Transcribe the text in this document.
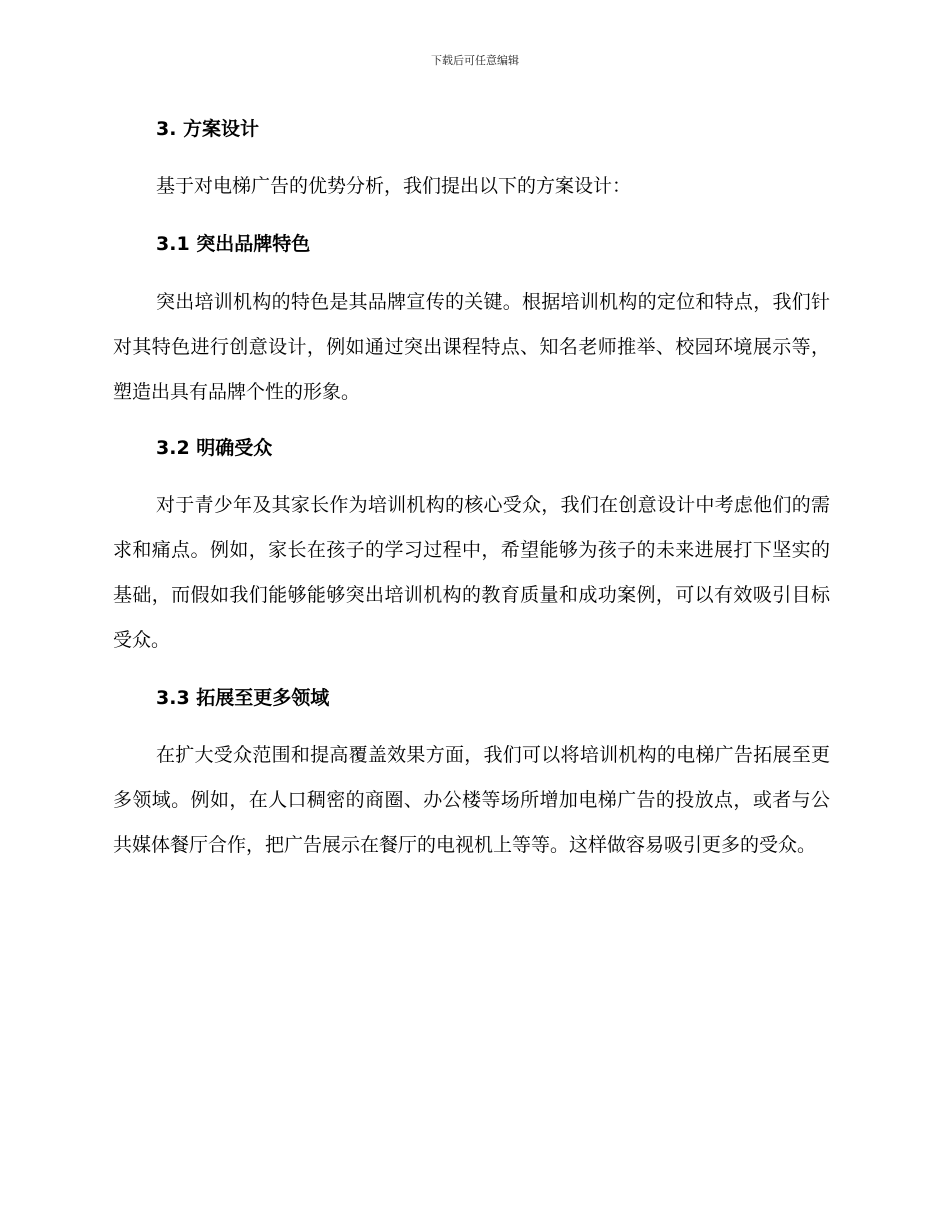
下载后可任意编辑
3. 方案设计
基于对电梯广告的优势分析，我们提出以下的方案设计：
3.1 突出品牌特色
突出培训机构的特色是其品牌宣传的关键。根据培训机构的定位和特点，我们针对其特色进行创意设计，例如通过突出课程特点、知名老师推举、校园环境展示等，塑造出具有品牌个性的形象。
3.2 明确受众
对于青少年及其家长作为培训机构的核心受众，我们在创意设计中考虑他们的需求和痛点。例如，家长在孩子的学习过程中，希望能够为孩子的未来进展打下坚实的基础，而假如我们能够能够突出培训机构的教育质量和成功案例，可以有效吸引目标受众。
3.3 拓展至更多领域
在扩大受众范围和提高覆盖效果方面，我们可以将培训机构的电梯广告拓展至更多领域。例如，在人口稠密的商圈、办公楼等场所增加电梯广告的投放点，或者与公共媒体餐厅合作，把广告展示在餐厅的电视机上等等。这样做容易吸引更多的受众。
